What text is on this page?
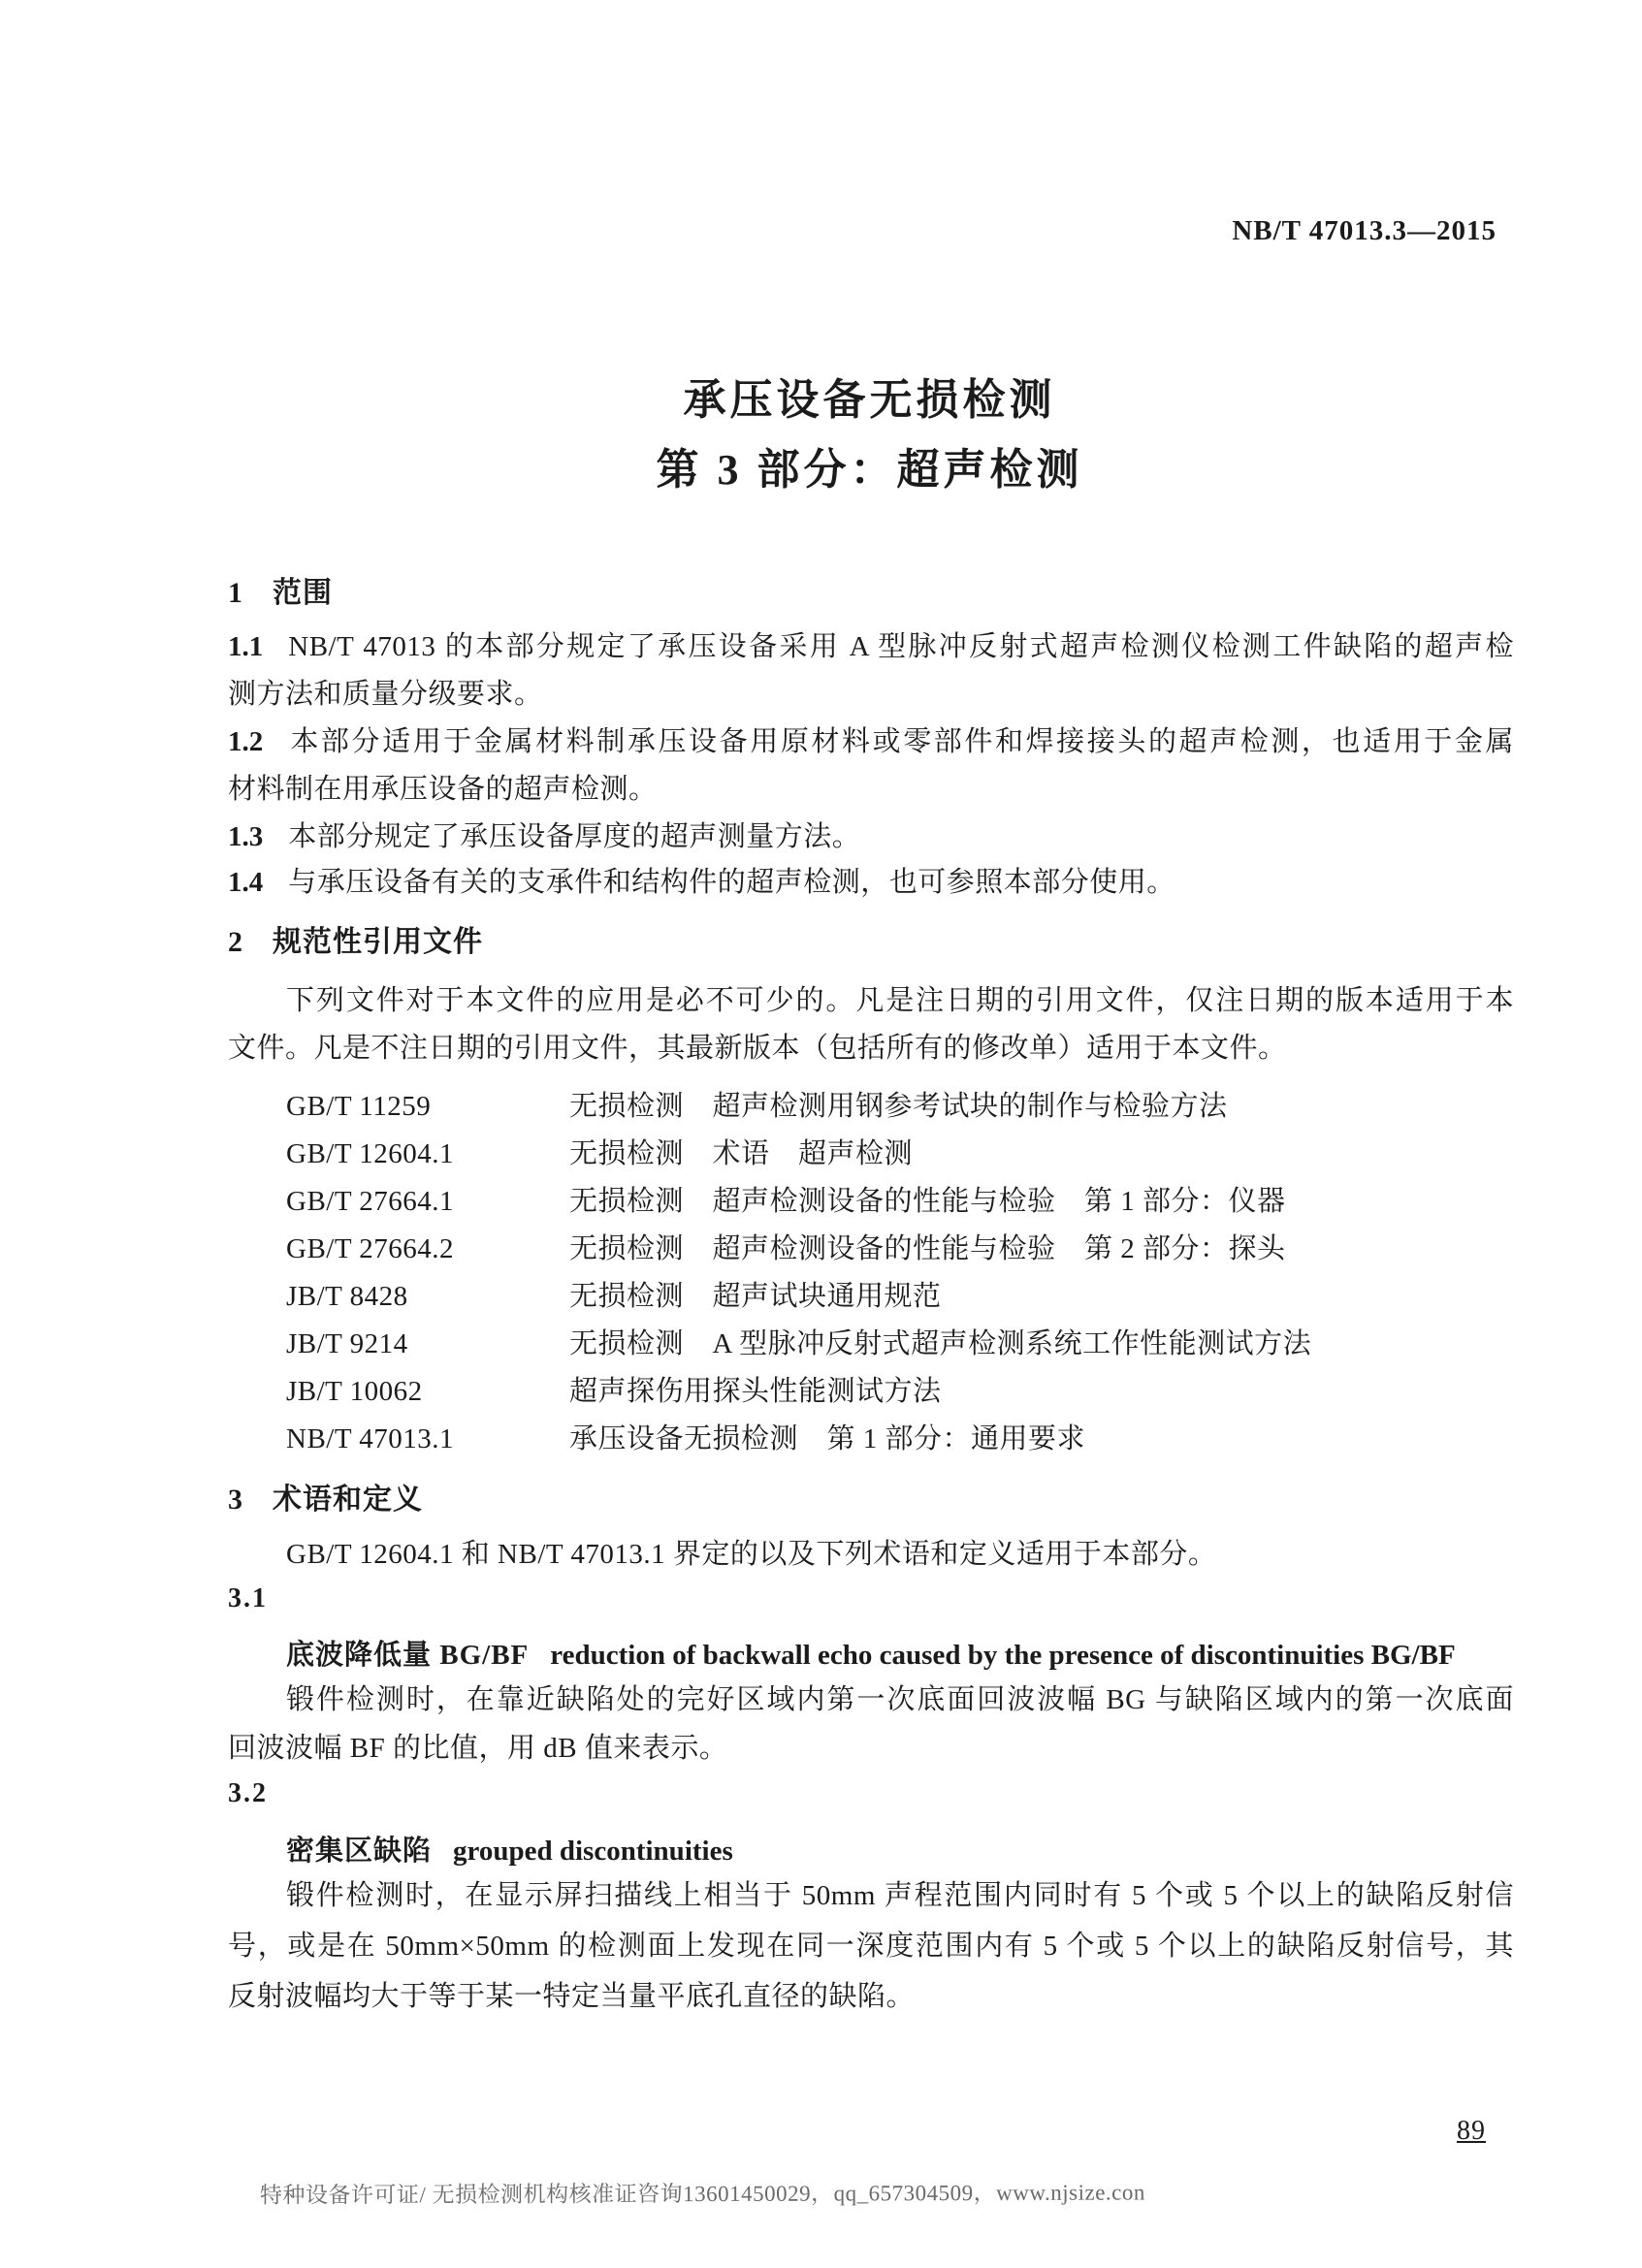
NB/T 47013.3—2015
承压设备无损检测
第 3 部分：超声检测
1 范围
1.1 NB/T 47013 的本部分规定了承压设备采用 A 型脉冲反射式超声检测仪检测工件缺陷的超声检
测方法和质量分级要求。
1.2 本部分适用于金属材料制承压设备用原材料或零部件和焊接接头的超声检测，也适用于金属
材料制在用承压设备的超声检测。
1.3 本部分规定了承压设备厚度的超声测量方法。
1.4 与承压设备有关的支承件和结构件的超声检测，也可参照本部分使用。
2 规范性引用文件
下列文件对于本文件的应用是必不可少的。凡是注日期的引用文件，仅注日期的版本适用于本
文件。凡是不注日期的引用文件，其最新版本（包括所有的修改单）适用于本文件。
GB/T 11259	无损检测　超声检测用钢参考试块的制作与检验方法
GB/T 12604.1	无损检测　术语　超声检测
GB/T 27664.1	无损检测　超声检测设备的性能与检验　第 1 部分：仪器
GB/T 27664.2	无损检测　超声检测设备的性能与检验　第 2 部分：探头
JB/T 8428	无损检测　超声试块通用规范
JB/T 9214	无损检测　A 型脉冲反射式超声检测系统工作性能测试方法
JB/T 10062	超声探伤用探头性能测试方法
NB/T 47013.1	承压设备无损检测　第 1 部分：通用要求
3 术语和定义
GB/T 12604.1 和 NB/T 47013.1 界定的以及下列术语和定义适用于本部分。
3.1
底波降低量 BG/BF reduction of backwall echo caused by the presence of discontinuities BG/BF
锻件检测时，在靠近缺陷处的完好区域内第一次底面回波波幅 BG 与缺陷区域内的第一次底面
回波波幅 BF 的比值，用 dB 值来表示。
3.2
密集区缺陷 grouped discontinuities
锻件检测时，在显示屏扫描线上相当于 50mm 声程范围内同时有 5 个或 5 个以上的缺陷反射信
号，或是在 50mm×50mm 的检测面上发现在同一深度范围内有 5 个或 5 个以上的缺陷反射信号，其
反射波幅均大于等于某一特定当量平底孔直径的缺陷。
89
特种设备许可证/ 无损检测机构核准证咨询13601450029，qq_657304509，www.njsize.con
